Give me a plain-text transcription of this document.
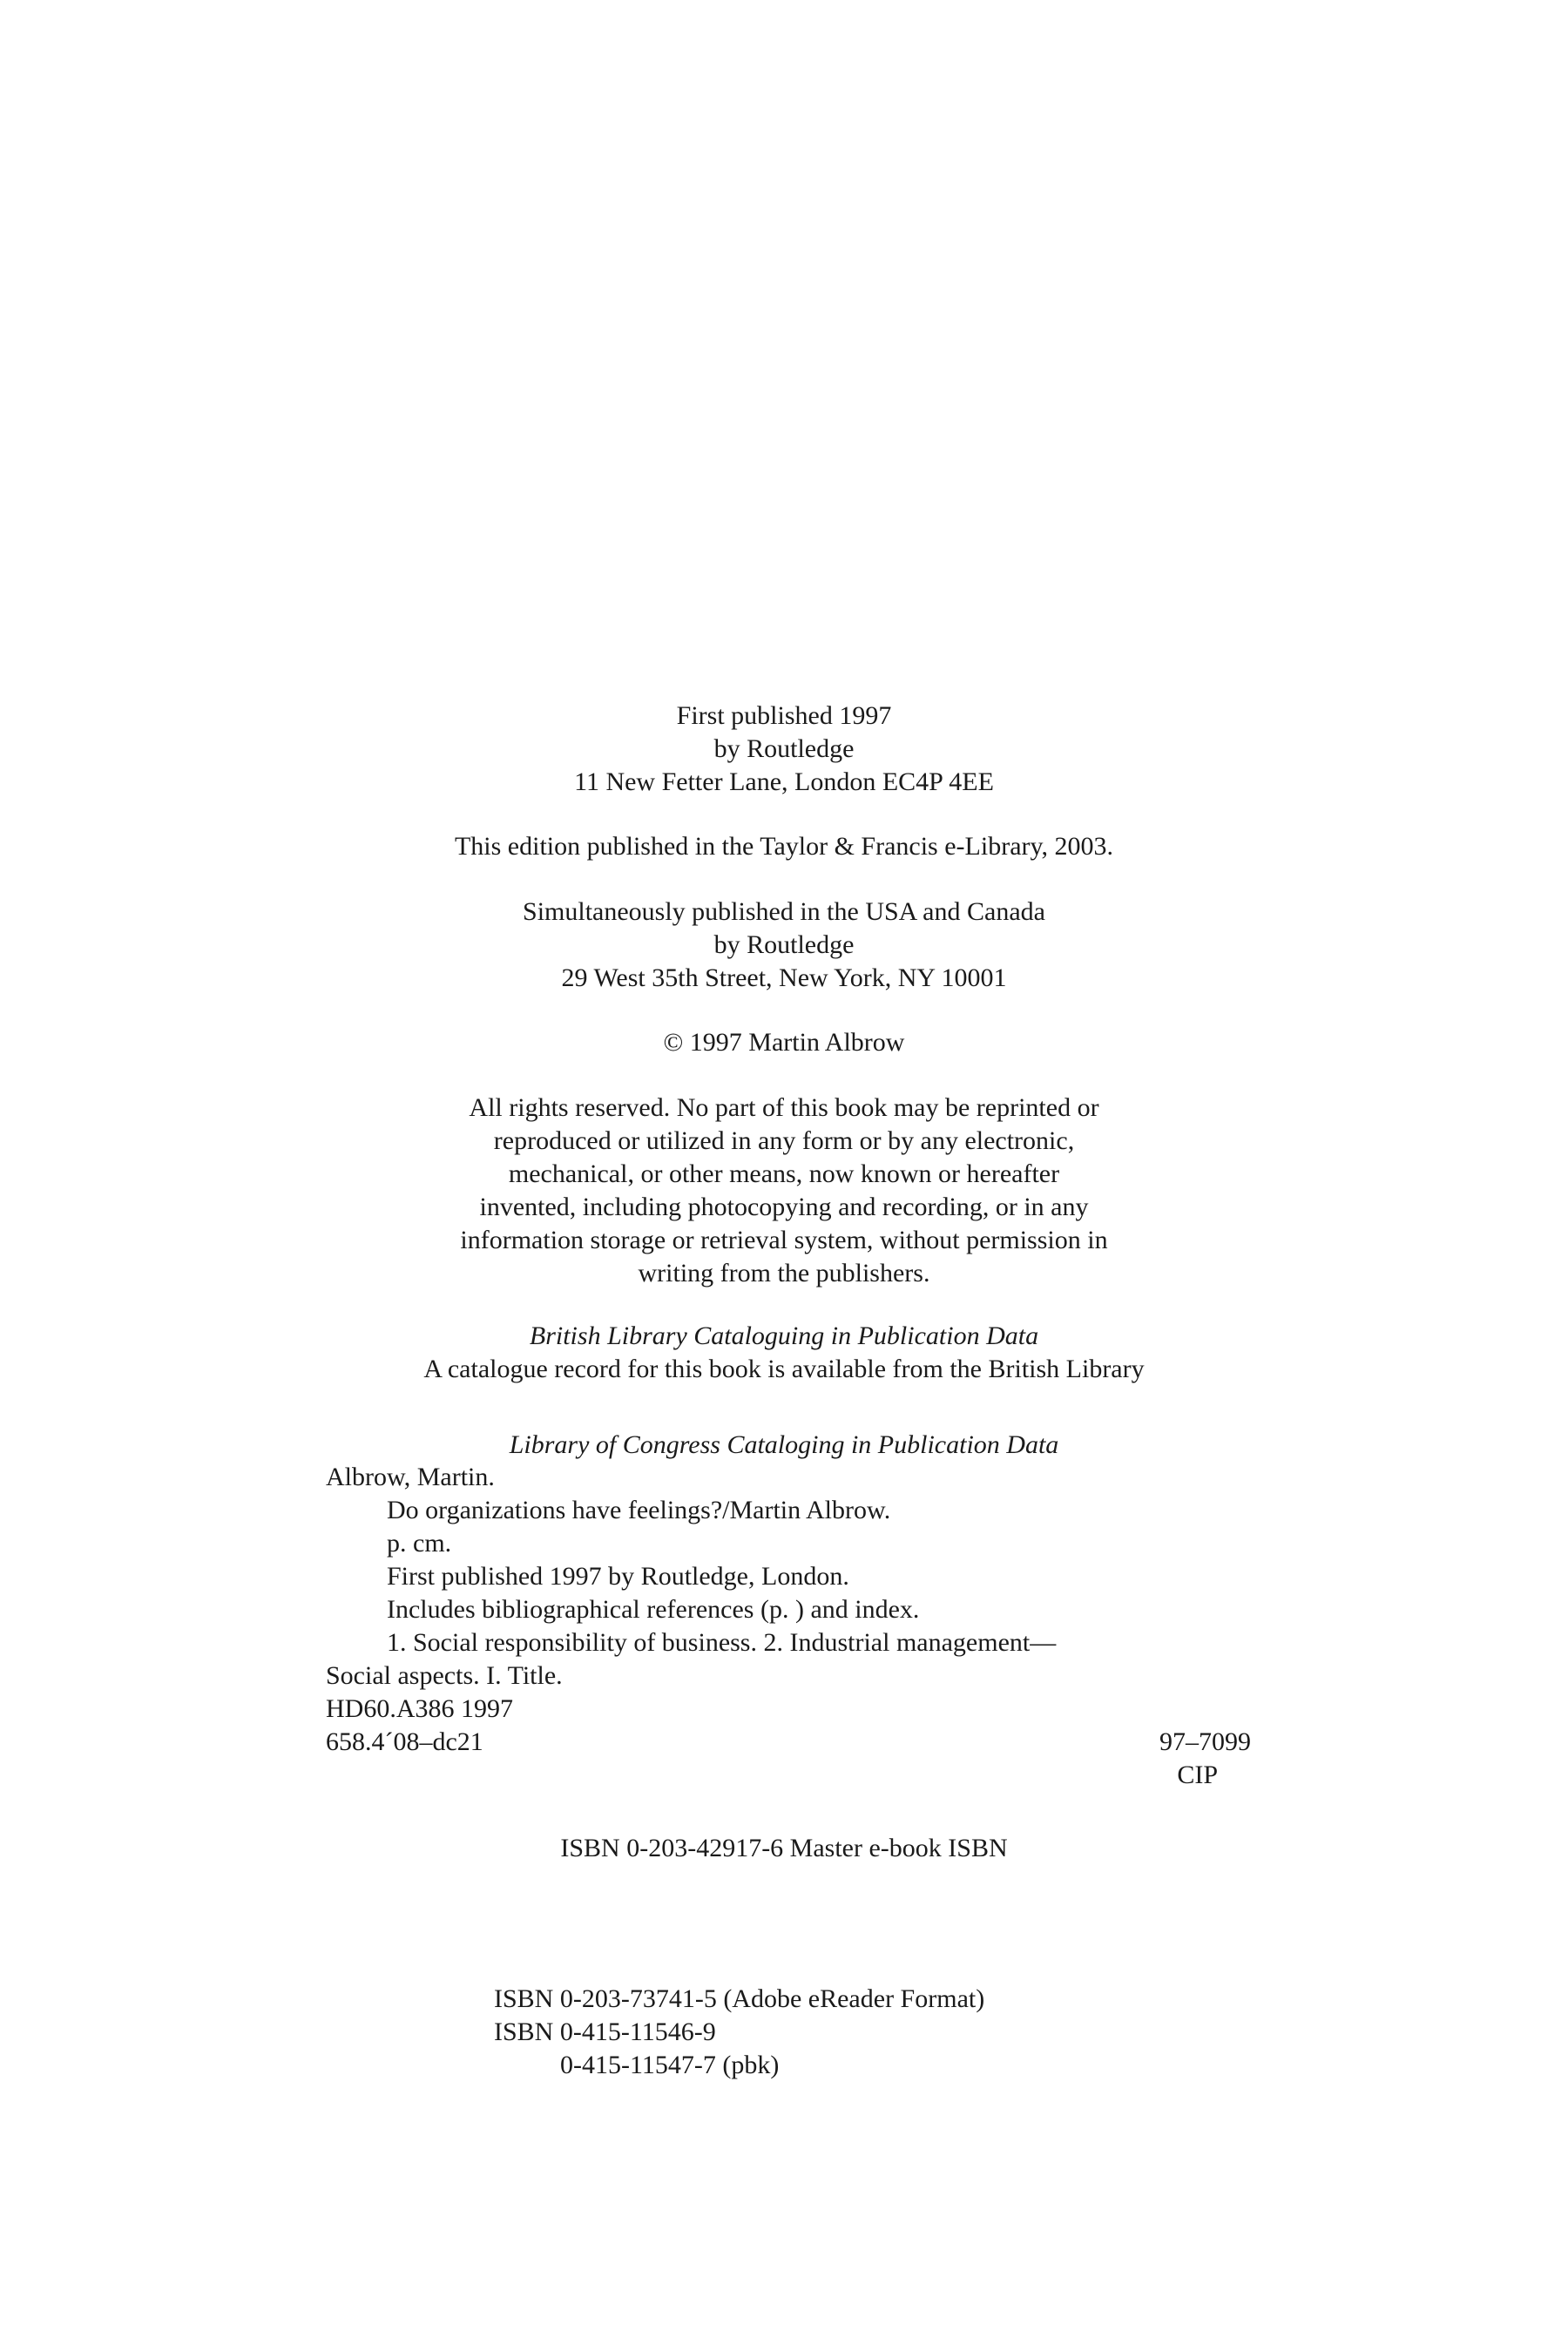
First published 1997
by Routledge
11 New Fetter Lane, London EC4P 4EE
This edition published in the Taylor & Francis e-Library, 2003.
Simultaneously published in the USA and Canada
by Routledge
29 West 35th Street, New York, NY 10001
© 1997 Martin Albrow
All rights reserved. No part of this book may be reprinted or
reproduced or utilized in any form or by any electronic,
mechanical, or other means, now known or hereafter
invented, including photocopying and recording, or in any
information storage or retrieval system, without permission in
writing from the publishers.
British Library Cataloguing in Publication Data
A catalogue record for this book is available from the British Library
Library of Congress Cataloging in Publication Data
Albrow, Martin.
Do organizations have feelings?/Martin Albrow.
p. cm.
First published 1997 by Routledge, London.
Includes bibliographical references (p. ) and index.
1. Social responsibility of business. 2. Industrial management—
Social aspects. I. Title.
HD60.A386 1997
658.4´08–dc21	97–7099
CIP
ISBN 0-203-42917-6 Master e-book ISBN
ISBN 0-203-73741-5 (Adobe eReader Format)
ISBN 0-415-11546-9
0-415-11547-7 (pbk)
